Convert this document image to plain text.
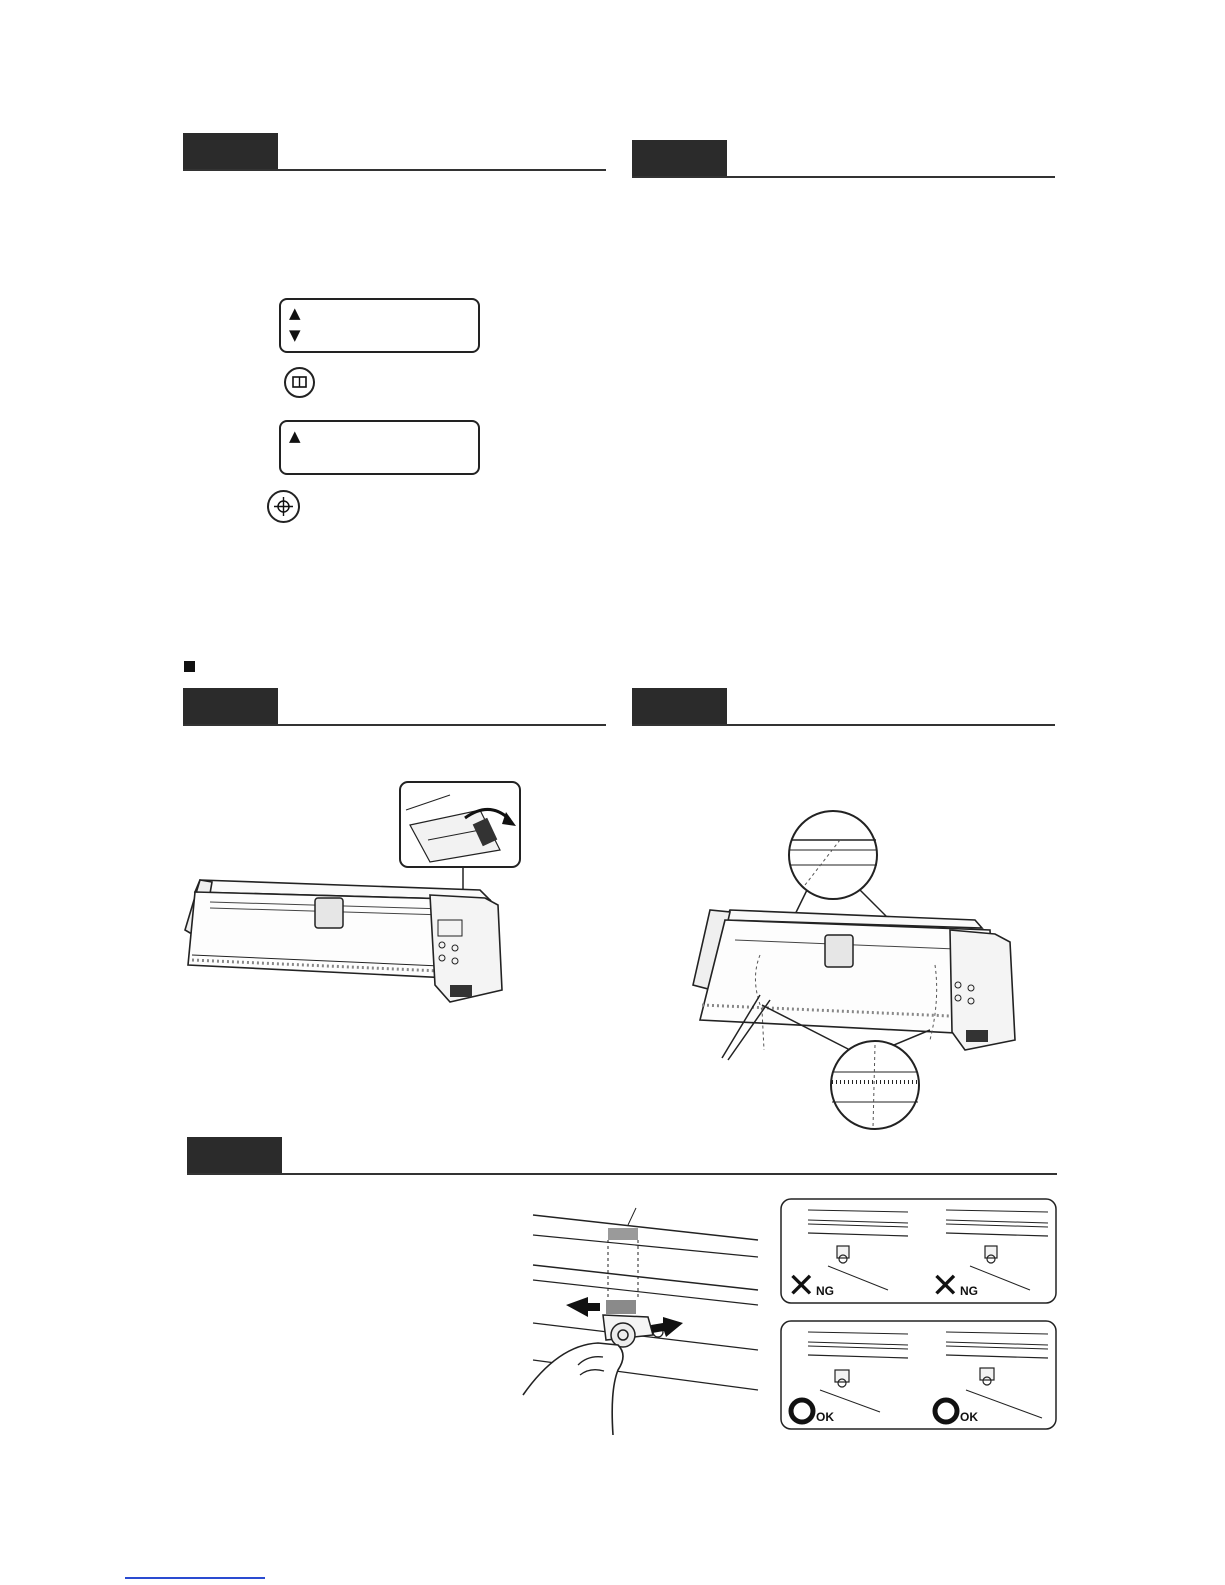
▲
▼
▲
✕ NG	✕ NG
OK	OK
